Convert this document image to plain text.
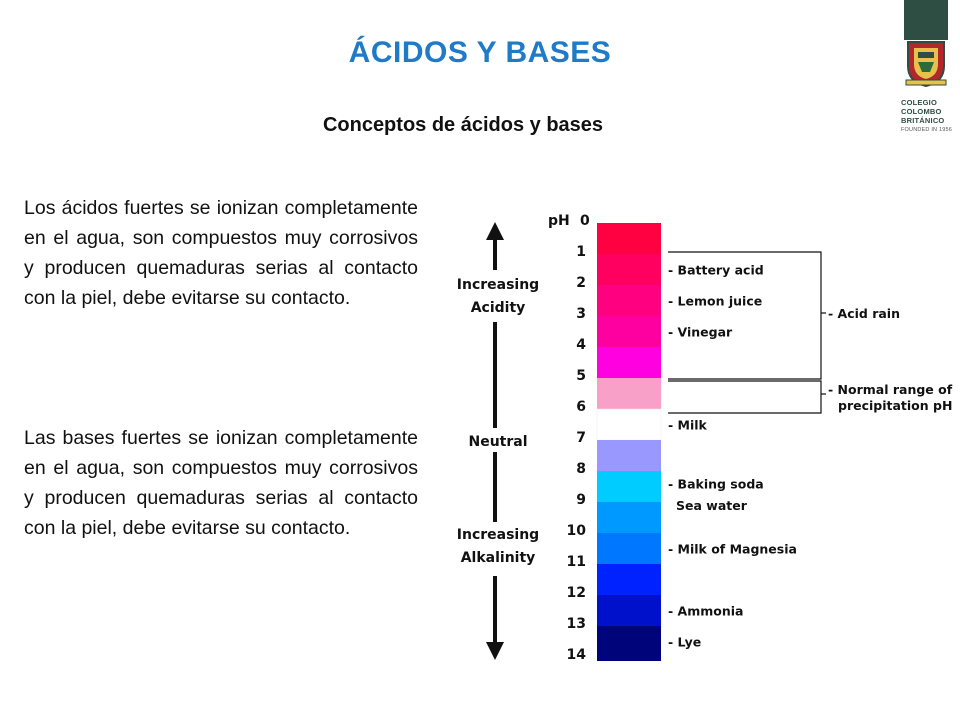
ÁCIDOS Y BASES
Conceptos de ácidos y bases
Los ácidos fuertes se ionizan completamente en el agua, son compuestos muy corrosivos y producen quemaduras serias al contacto con la piel, debe evitarse su contacto.
Las bases fuertes se ionizan completamente en el agua, son compuestos muy corrosivos y producen quemaduras serias al contacto con la piel, debe evitarse su contacto.
COLEGIO
COLOMBO
BRITÁNICO
FOUNDED IN 1956
Increasing
Acidity
Neutral
Increasing
Alkalinity
pH 0
1
2
3
4
5
6
7
8
9
10
11
12
13
14
- Battery acid
- Lemon juice
- Vinegar
- Milk
- Baking soda
Sea water
- Milk of Magnesia
- Ammonia
- Lye
- Acid rain
- Normal range of
precipitation pH
